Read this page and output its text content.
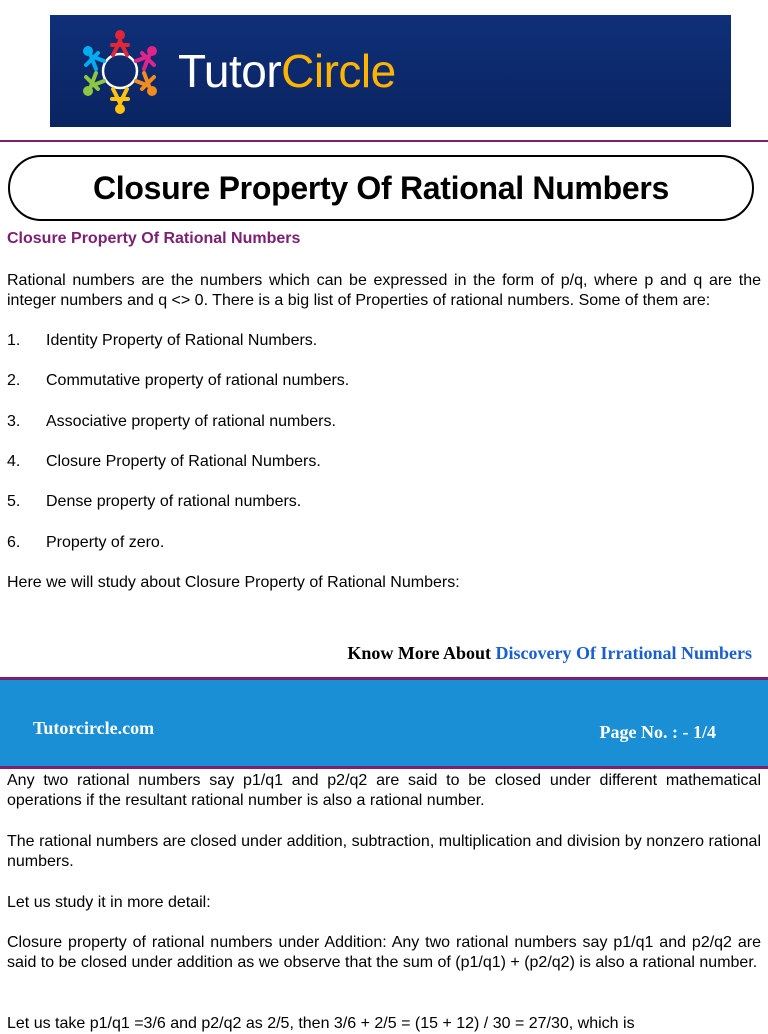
TutorCircle
Closure Property Of Rational Numbers
Closure Property Of Rational Numbers

Rational numbers are the numbers which can be expressed in the form of p/q, where p and q are the integer numbers and q <> 0. There is a big list of Properties of rational numbers. Some of them are:

1. Identity Property of Rational Numbers.
2. Commutative property of rational numbers.
3. Associative property of rational numbers.
4. Closure Property of Rational Numbers.
5. Dense property of rational numbers.
6. Property of zero.

Here we will study about Closure Property of Rational Numbers:

Know More About Discovery Of Irrational Numbers
Tutorcircle.com	Page No. : - 1/4

Any two rational numbers say p1/q1 and p2/q2 are said to be closed under different mathematical operations if the resultant rational number is also a rational number.

The rational numbers are closed under addition, subtraction, multiplication and division by nonzero rational numbers.

Let us study it in more detail:

Closure property of rational numbers under Addition: Any two rational numbers say p1/q1 and p2/q2 are said to be closed under addition as we observe that the sum of (p1/q1) + (p2/q2) is also a rational number.

Let us take p1/q1 =3/6 and p2/q2 as 2/5, then 3/6 + 2/5 = (15 + 12) / 30 = 27/30, which is
